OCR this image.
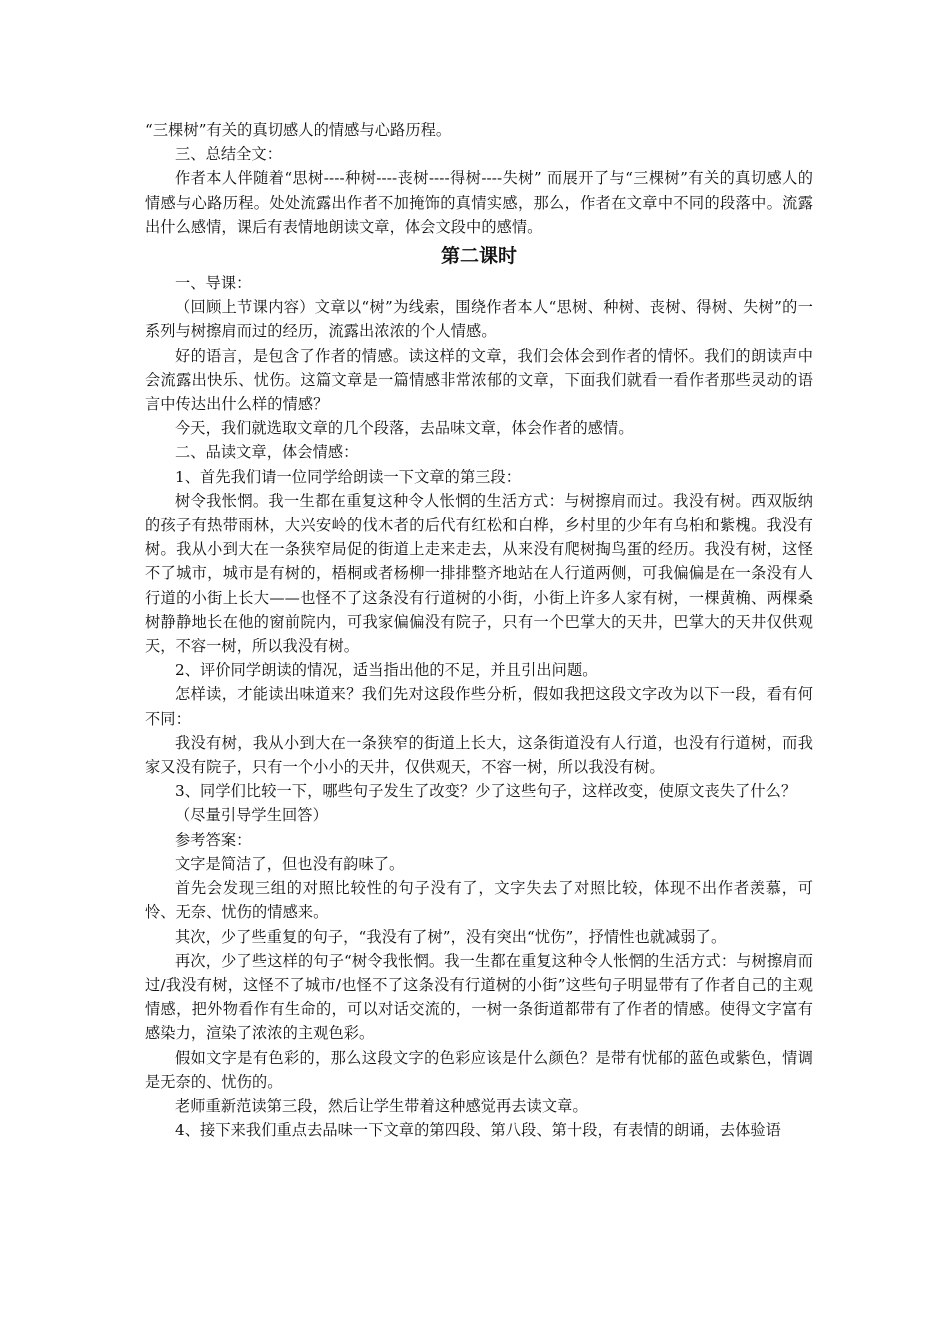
“三棵树”有关的真切感人的情感与心路历程。

三、总结全文：

作者本人伴随着“思树----种树----丧树----得树----失树” 而展开了与“三棵树”有关的真切感人的情感与心路历程。处处流露出作者不加掩饰的真情实感，那么，作者在文章中不同的段落中。流露出什么感情，课后有表情地朗读文章，体会文段中的感情。

第二课时

一、导课：

（回顾上节课内容）文章以“树”为线索，围绕作者本人“思树、种树、丧树、得树、失树”的一系列与树擦肩而过的经历，流露出浓浓的个人情感。

好的语言，是包含了作者的情感。读这样的文章，我们会体会到作者的情怀。我们的朗读声中会流露出快乐、忧伤。这篇文章是一篇情感非常浓郁的文章，下面我们就看一看作者那些灵动的语言中传达出什么样的情感？

今天，我们就选取文章的几个段落，去品味文章，体会作者的感情。

二、品读文章，体会情感：

1、首先我们请一位同学给朗读一下文章的第三段：

树令我怅惘。我一生都在重复这种令人怅惘的生活方式：与树擦肩而过。我没有树。西双版纳的孩子有热带雨林，大兴安岭的伐木者的后代有红松和白桦，乡村里的少年有乌桕和紫槐。我没有树。我从小到大在一条狭窄局促的街道上走来走去，从来没有爬树掏鸟蛋的经历。我没有树，这怪不了城市，城市是有树的，梧桐或者杨柳一排排整齐地站在人行道两侧，可我偏偏是在一条没有人行道的小街上长大——也怪不了这条没有行道树的小街，小街上许多人家有树，一棵黄桷、两棵桑树静静地长在他的窗前院内，可我家偏偏没有院子，只有一个巴掌大的天井，巴掌大的天井仅供观天，不容一树，所以我没有树。

2、评价同学朗读的情况，适当指出他的不足，并且引出问题。

怎样读，才能读出味道来？我们先对这段作些分析，假如我把这段文字改为以下一段，看有何不同：

我没有树，我从小到大在一条狭窄的街道上长大，这条街道没有人行道，也没有行道树，而我家又没有院子，只有一个小小的天井，仅供观天，不容一树，所以我没有树。

3、同学们比较一下，哪些句子发生了改变？少了这些句子，这样改变，使原文丧失了什么？

（尽量引导学生回答）

参考答案：

文字是简洁了，但也没有韵味了。

首先会发现三组的对照比较性的句子没有了，文字失去了对照比较，体现不出作者羡慕，可怜、无奈、忧伤的情感来。

其次，少了些重复的句子，“我没有了树”，没有突出“忧伤”，抒情性也就减弱了。

再次，少了些这样的句子“树令我怅惘。我一生都在重复这种令人怅惘的生活方式：与树擦肩而过/我没有树，这怪不了城市/也怪不了这条没有行道树的小街”这些句子明显带有了作者自己的主观情感，把外物看作有生命的，可以对话交流的，一树一条街道都带有了作者的情感。使得文字富有感染力，渲染了浓浓的主观色彩。

假如文字是有色彩的，那么这段文字的色彩应该是什么颜色？是带有忧郁的蓝色或紫色，情调是无奈的、忧伤的。

老师重新范读第三段，然后让学生带着这种感觉再去读文章。

4、接下来我们重点去品味一下文章的第四段、第八段、第十段，有表情的朗诵，去体验语
